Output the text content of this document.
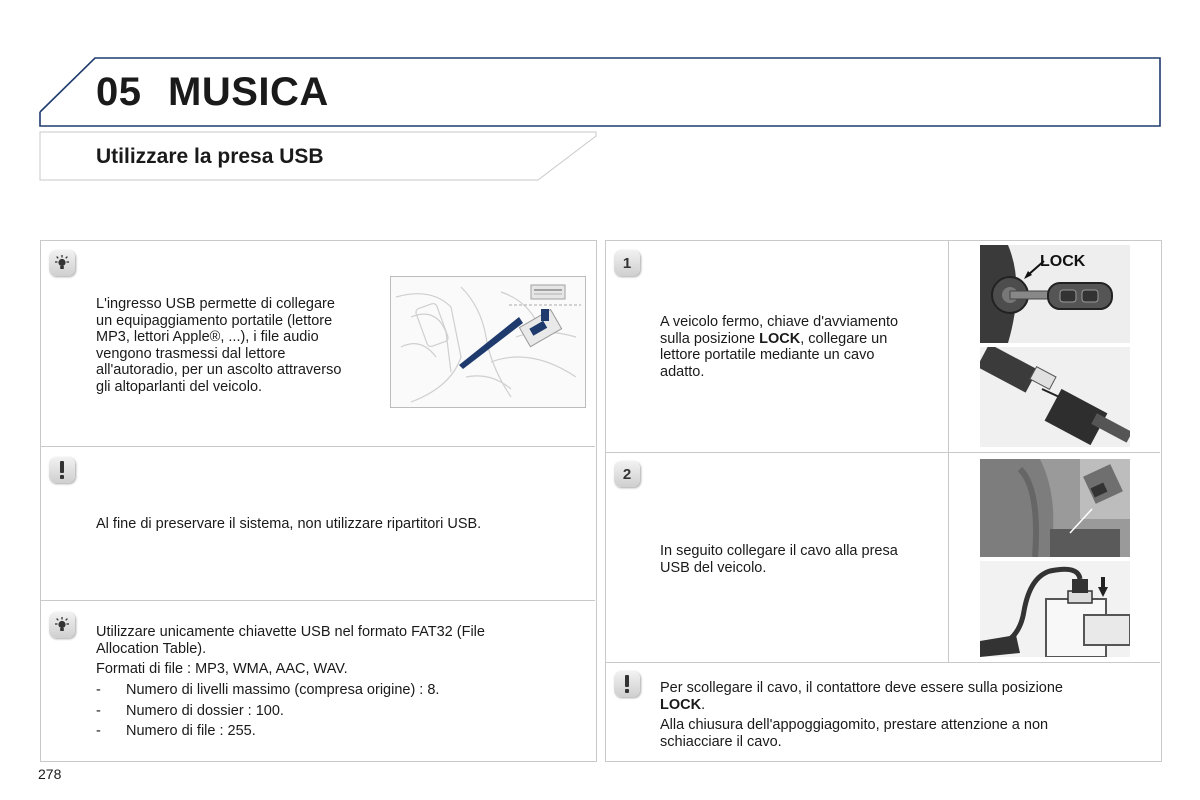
05 MUSICA
Utilizzare la presa USB
L'ingresso USB permette di collegare
un equipaggiamento portatile (lettore
MP3, lettori Apple®, ...), i file audio
vengono trasmessi dal lettore
all'autoradio, per un ascolto attraverso
gli altoparlanti del veicolo.
Al fine di preservare il sistema, non utilizzare ripartitori USB.
Utilizzare unicamente chiavette USB nel formato FAT32 (File
Allocation Table).
Formati di file : MP3, WMA, AAC, WAV.
-	Numero di livelli massimo (compresa origine) : 8.
-	Numero di dossier : 100.
-	Numero di file : 255.
1
A veicolo fermo, chiave d'avviamento
sulla posizione LOCK, collegare un
lettore portatile mediante un cavo
adatto.
LOCK
2
In seguito collegare il cavo alla presa
USB del veicolo.
Per scollegare il cavo, il contattore deve essere sulla posizione
LOCK.
Alla chiusura dell'appoggiagomito, prestare attenzione a non
schiacciare il cavo.
278
